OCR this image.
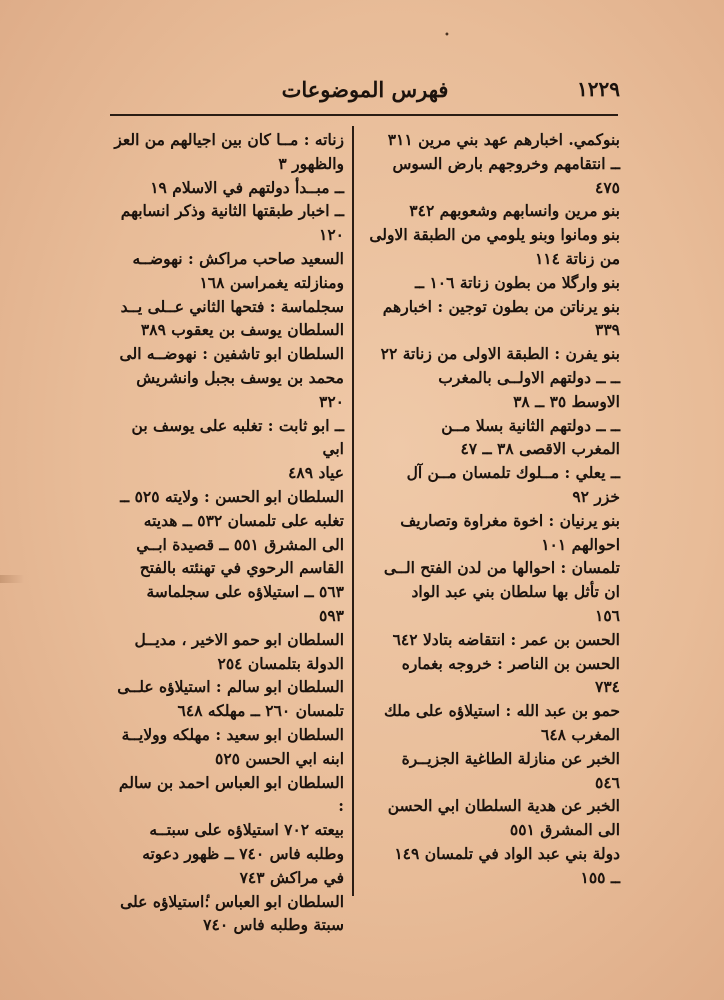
•
فهرس الموضوعات	١٢٢٩
بنوكمي. اخبارهم عهد بني مرين ٣١١
ــ انتقامهم وخروجهم بارض السوس
٤٧٥
بنو مرين وانسابهم وشعوبهم ٣٤٢
بنو ومانوا وبنو يلومي من الطبقة الاولى
من زناتة ١١٤
بنو وارگلا من بطون زناتة ١٠٦ ــ
بنو يرناتن من بطون توجين : اخبارهم
٣٣٩
بنو يفرن : الطبقة الاولى من زناتة ٢٢
ــ ــ دولتهم الاولــى بالمغرب
الاوسط ٣٥ ــ ٣٨
ــ ــ دولتهم الثانية بسلا مــن
المغرب الاقصى ٣٨ ــ ٤٧
ــ يعلي : مــلوك تلمسان مــن آل
خزر ٩٢
بنو يرنيان : اخوة مغراوة وتصاريف
احوالهم ١٠١
تلمسان : احوالها من لدن الفتح الــى
ان تأثل بها سلطان بني عبد الواد
١٥٦
الحسن بن عمر : انتقاضه بتادلا ٦٤٢
الحسن بن الناصر : خروجه بغماره
٧٣٤
حمو بن عبد الله : استيلاؤه على ملك
المغرب ٦٤٨
الخبر عن منازلة الطاغية الجزيــرة
٥٤٦
الخبر عن هدية السلطان ابي الحسن
الى المشرق ٥٥١
دولة بني عبد الواد في تلمسان ١٤٩
ــ ١٥٥
زناته : مــا كان بين اجيالهم من العز
والظهور ٣
ــ مبــدأ دولتهم في الاسلام ١٩
ــ اخبار طبقتها الثانية وذكر انسابهم
١٢٠
السعيد صاحب مراكش : نهوضــه
ومنازلته يغمراسن ١٦٨
سجلماسة : فتحها الثاني عــلى يــد
السلطان يوسف بن يعقوب ٣٨٩
السلطان ابو تاشفين : نهوضــه الى
محمد بن يوسف بجبل وانشريش
٣٢٠
ــ ابو ثابت : تغلبه على يوسف بن ابي
عياد ٤٨٩
السلطان ابو الحسن : ولايته ٥٢٥ ــ
تغلبه على تلمسان ٥٣٢ ــ هديته
الى المشرق ٥٥١ ــ قصيدة ابــي
القاسم الرحوي في تهنئته بالفتح
٥٦٣ ــ استيلاؤه على سجلماسة
٥٩٣
السلطان ابو حمو الاخير ، مديــل
الدولة بتلمسان ٢٥٤
السلطان ابو سالم : استيلاؤه علــى
تلمسان ٢٦٠ ــ مهلكه ٦٤٨
السلطان ابو سعيد : مهلكه وولايــة
ابنه ابي الحسن ٥٢٥
السلطان ابو العباس احمد بن سالم :
بيعته ٧٠٢ استيلاؤه على سبتــه
وطلبه فاس ٧٤٠ ــ ظهور دعوته
في مراكش ٧٤٣
السلطان ابو العباس :ٔاستيلاؤه على
سبتة وطلبه فاس ٧٤٠
